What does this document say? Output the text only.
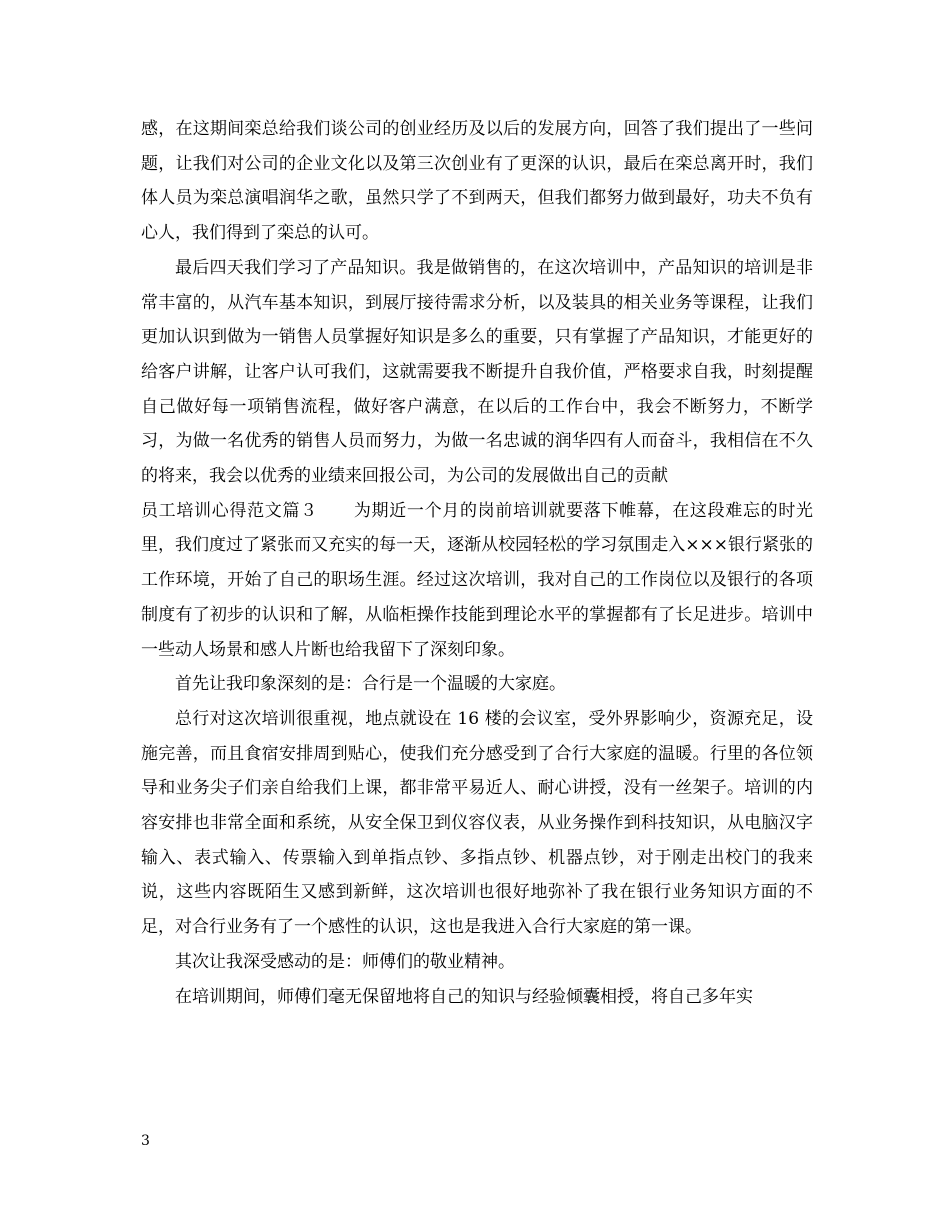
感，在这期间栾总给我们谈公司的创业经历及以后的发展方向，回答了我们提出了一些问题，让我们对公司的企业文化以及第三次创业有了更深的认识，最后在栾总离开时，我们体人员为栾总演唱润华之歌，虽然只学了不到两天，但我们都努力做到最好，功夫不负有心人，我们得到了栾总的认可。

最后四天我们学习了产品知识。我是做销售的，在这次培训中，产品知识的培训是非常丰富的，从汽车基本知识，到展厅接待需求分析，以及装具的相关业务等课程，让我们更加认识到做为一销售人员掌握好知识是多么的重要，只有掌握了产品知识，才能更好的给客户讲解，让客户认可我们，这就需要我不断提升自我价值，严格要求自我，时刻提醒自己做好每一项销售流程，做好客户满意，在以后的工作台中，我会不断努力，不断学习，为做一名优秀的销售人员而努力，为做一名忠诚的润华四有人而奋斗，我相信在不久的将来，我会以优秀的业绩来回报公司，为公司的发展做出自己的贡献

员工培训心得范文篇３ 为期近一个月的岗前培训就要落下帷幕，在这段难忘的时光里，我们度过了紧张而又充实的每一天，逐渐从校园轻松的学习氛围走入×××银行紧张的工作环境，开始了自己的职场生涯。经过这次培训，我对自己的工作岗位以及银行的各项制度有了初步的认识和了解，从临柜操作技能到理论水平的掌握都有了长足进步。培训中一些动人场景和感人片断也给我留下了深刻印象。

首先让我印象深刻的是：合行是一个温暖的大家庭。

总行对这次培训很重视，地点就设在 16 楼的会议室，受外界影响少，资源充足，设施完善，而且食宿安排周到贴心，使我们充分感受到了合行大家庭的温暖。行里的各位领导和业务尖子们亲自给我们上课，都非常平易近人、耐心讲授，没有一丝架子。培训的内容安排也非常全面和系统，从安全保卫到仪容仪表，从业务操作到科技知识，从电脑汉字输入、表式输入、传票输入到单指点钞、多指点钞、机器点钞，对于刚走出校门的我来说，这些内容既陌生又感到新鲜，这次培训也很好地弥补了我在银行业务知识方面的不足，对合行业务有了一个感性的认识，这也是我进入合行大家庭的第一课。

其次让我深受感动的是：师傅们的敬业精神。

在培训期间，师傅们毫无保留地将自己的知识与经验倾囊相授，将自己多年实

3
